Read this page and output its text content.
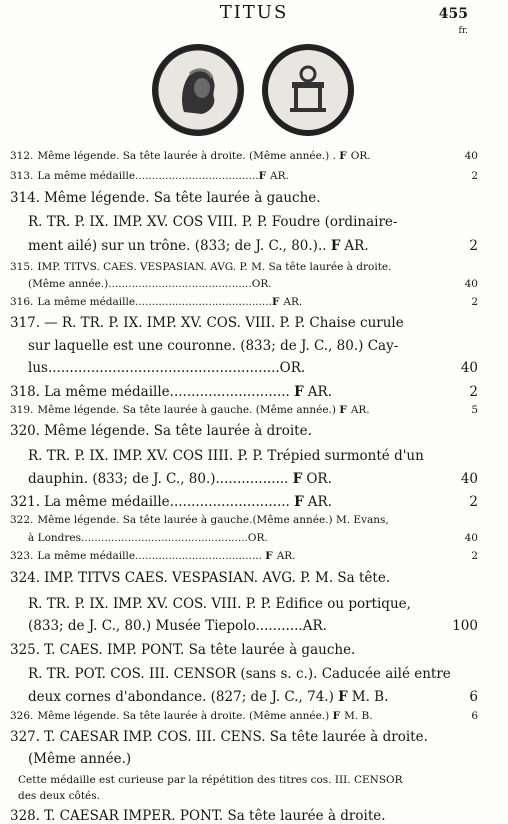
TITUS	455
fr.
312. Même légende. Sa tête laurée à droite. (Même année.) . F OR.	40
313. La même médaille.....................................F AR.	2
314. Même légende. Sa tête laurée à gauche.
R̄. TR. P. IX. IMP. XV. COS VIII. P. P. Foudre (ordinaire-
ment ailé) sur un trône. (833; de J. C., 80.).. F AR.	2
315. IMP. TITVS. CAES. VESPASIAN. AVG. P. M. Sa tête laurée à droite.
(Même année.)...........................................OR.	40
316. La même médaille.........................................F AR.	2
317. — R̄. TR. P. IX. IMP. XV. COS. VIII. P. P. Chaise curule
sur laquelle est une couronne. (833; de J. C., 80.) Cay-
lus......................................................OR.	40
318. La même médaille............................ F AR.	2
319. Même légende. Sa tête laurée à gauche. (Même année.) F AR.	5
320. Même légende. Sa tête laurée à droite.
R̄. TR. P. IX. IMP. XV. COS IIII. P. P. Trépied surmonté d'un
dauphin. (833; de J. C., 80.)................. F OR.	40
321. La même médaille............................ F AR.	2
322. Même légende. Sa tête laurée à gauche.(Même année.) M. Evans,
à Londres..................................................OR.	40
323. La même médaille...................................... F AR.	2
324. IMP. TITVS CAES. VESPASIAN. AVG. P. M. Sa tête.
R̄. TR. P. IX. IMP. XV. COS. VIII. P. P. Édifice ou portique,
(833; de J. C., 80.) Musée Tiepolo...........AR.	100
325. T. CAES. IMP. PONT. Sa tête laurée à gauche.
R̄. TR. POT. COS. III. CENSOR (sans s. c.). Caducée ailé entre
deux cornes d'abondance. (827; de J. C., 74.) F M. B.	6
326. Même légende. Sa tête laurée à droite. (Même année.) F M. B.	6
327. T. CAESAR IMP. COS. III. CENS. Sa tête laurée à droite.
(Même année.)
Cette médaille est curieuse par la répétition des titres cos. III. CENSOR
des deux côtés.
328. T. CAESAR IMPER. PONT. Sa tête laurée à droite.
